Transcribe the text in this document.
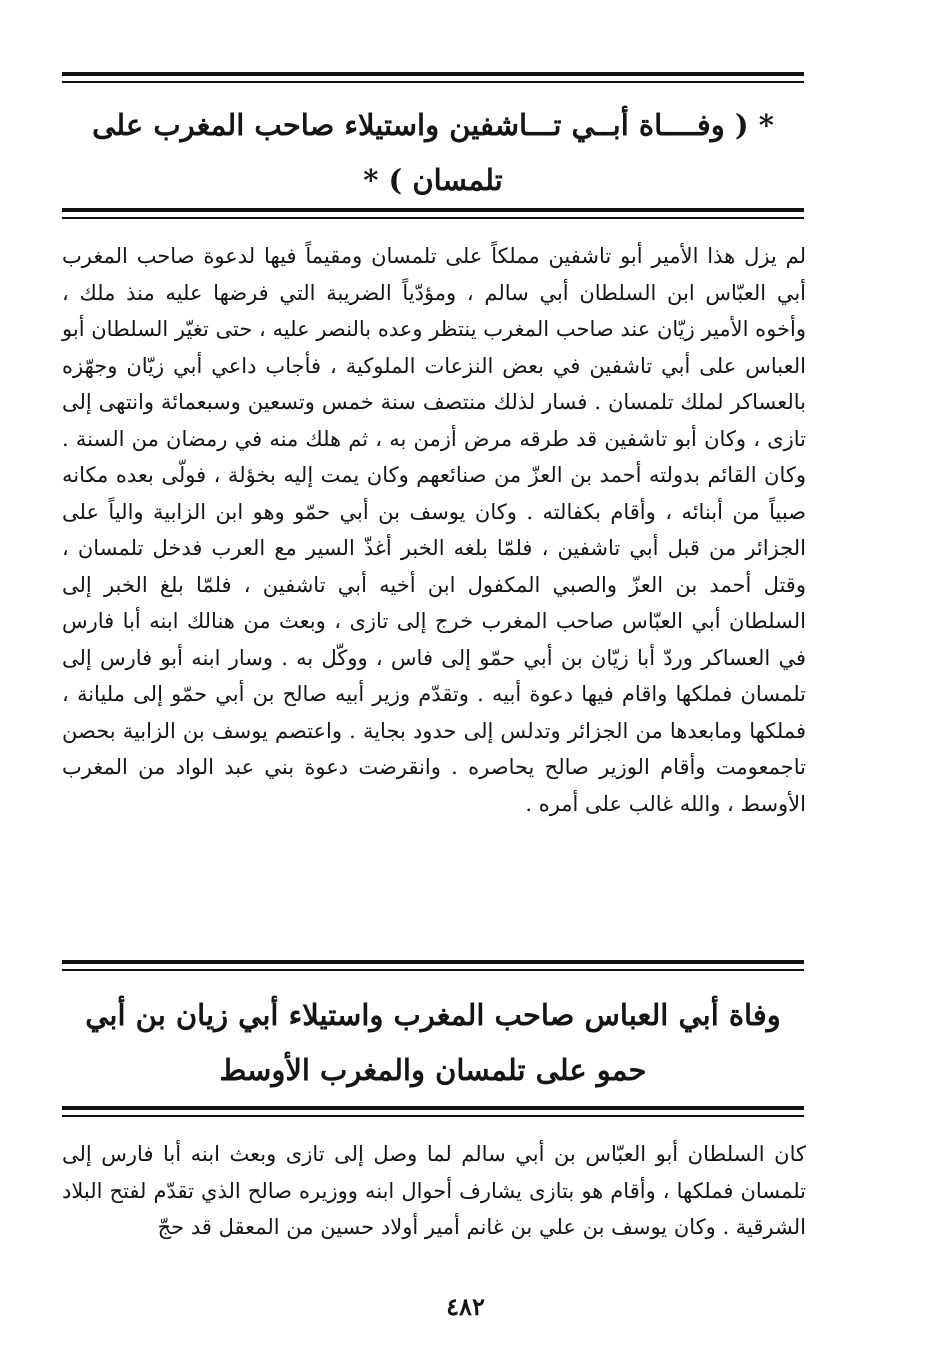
* ( وفــــاة أبــي تـــاشفين واستيلاء صاحب المغرب على تلمسان ) *

لم يزل هذا الأمير أبو تاشفين مملكاً على تلمسان ومقيماً فيها لدعوة صاحب المغرب أبي العبّاس ابن السلطان أبي سالم ، ومؤدّياً الضريبة التي فرضها عليه منذ ملك ، وأخوه الأمير زيّان عند صاحب المغرب ينتظر وعده بالنصر عليه ، حتى تغيّر السلطان أبو العباس على أبي تاشفين في بعض النزعات الملوكية ، فأجاب داعي أبي زيّان وجهّزه بالعساكر لملك تلمسان . فسار لذلك منتصف سنة خمس وتسعين وسبعمائة وانتهى إلى تازى ، وكان أبو تاشفين قد طرقه مرض أزمن به ، ثم هلك منه في رمضان من السنة . وكان القائم بدولته أحمد بن العزّ من صنائعهم وكان يمت إليه بخؤلة ، فولّى بعده مكانه صبياً من أبنائه ، وأقام بكفالته . وكان يوسف بن أبي حمّو وهو ابن الزابية والياً على الجزائر من قبل أبي تاشفين ، فلمّا بلغه الخبر أغذّ السير مع العرب فدخل تلمسان ، وقتل أحمد بن العزّ والصبي المكفول ابن أخيه أبي تاشفين ، فلمّا بلغ الخبر إلى السلطان أبي العبّاس صاحب المغرب خرج إلى تازى ، وبعث من هنالك ابنه أبا فارس في العساكر وردّ أبا زيّان بن أبي حمّو إلى فاس ، ووكّل به . وسار ابنه أبو فارس إلى تلمسان فملكها واقام فيها دعوة أبيه . وتقدّم وزير أبيه صالح بن أبي حمّو إلى مليانة ، فملكها ومابعدها من الجزائر وتدلس إلى حدود بجاية . واعتصم يوسف بن الزابية بحصن تاجمعومت وأقام الوزير صالح يحاصره . وانقرضت دعوة بني عبد الواد من المغرب الأوسط ، والله غالب على أمره .

وفاة أبي العباس صاحب المغرب واستيلاء أبي زيان بن أبي حمو على تلمسان والمغرب الأوسط

كان السلطان أبو العبّاس بن أبي سالم لما وصل إلى تازى وبعث ابنه أبا فارس إلى تلمسان فملكها ، وأقام هو بتازى يشارف أحوال ابنه ووزيره صالح الذي تقدّم لفتح البلاد الشرقية . وكان يوسف بن علي بن غانم أمير أولاد حسين من المعقل قد حجّ

٤٨٢
